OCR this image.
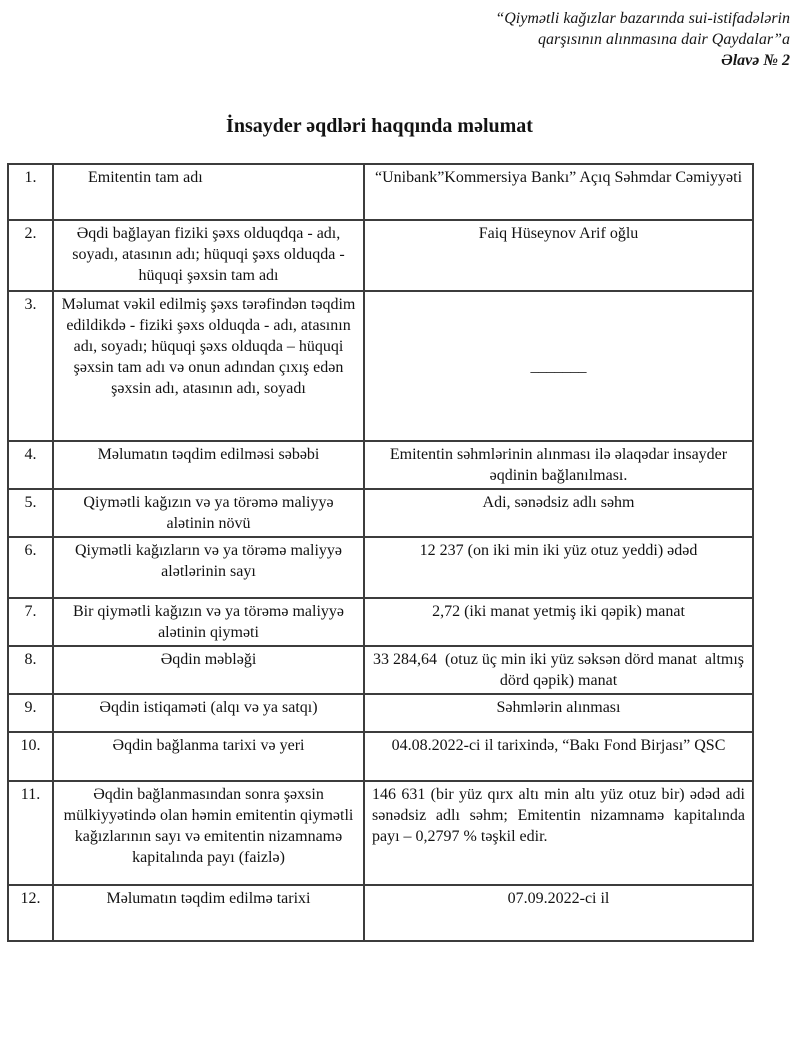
“Qiymətli kağızlar bazarında sui-istifadələrin
qarşısının alınmasına dair Qaydalar”a
Əlavə № 2
İnsayder əqdləri haqqında məlumat
1.	Emitentin tam adı	“Unibank”Kommersiya Bankı” Açıq Səhmdar Cəmiyyəti
2.	Əqdi bağlayan fiziki şəxs olduqdqa - adı, soyadı, atasının adı; hüquqi şəxs olduqda - hüquqi şəxsin tam adı	Faiq Hüseynov Arif oğlu
3.	Məlumat vəkil edilmiş şəxs tərəfindən təqdim edildikdə - fiziki şəxs olduqda - adı, atasının adı, soyadı; hüquqi şəxs olduqda – hüquqi şəxsin tam adı və onun adından çıxış edən şəxsin adı, atasının adı, soyadı	_______
4.	Məlumatın təqdim edilməsi səbəbi	Emitentin səhmlərinin alınması ilə əlaqədar insayder əqdinin bağlanılması.
5.	Qiymətli kağızın və ya törəmə maliyyə alətinin növü	Adi, sənədsiz adlı səhm
6.	Qiymətli kağızların və ya törəmə maliyyə alətlərinin sayı	12 237 (on iki min iki yüz otuz yeddi) ədəd
7.	Bir qiymətli kağızın və ya törəmə maliyyə alətinin qiyməti	2,72 (iki manat yetmiş iki qəpik) manat
8.	Əqdin məbləği	33 284,64  (otuz üç min iki yüz səksən dörd manat  altmış dörd qəpik) manat
9.	Əqdin istiqaməti (alqı və ya satqı)	Səhmlərin alınması
10.	Əqdin bağlanma tarixi və yeri	04.08.2022-ci il tarixində, “Bakı Fond Birjası” QSC
11.	Əqdin bağlanmasından sonra şəxsin mülkiyyətində olan həmin emitentin qiymətli kağızlarının sayı və emitentin nizamnamə kapitalında payı (faizlə)	146 631 (bir yüz qırx altı min altı yüz otuz bir) ədəd adi sənədsiz adlı səhm; Emitentin nizamnamə kapitalında payı – 0,2797 % təşkil edir.
12.	Məlumatın təqdim edilmə tarixi	07.09.2022-ci il
